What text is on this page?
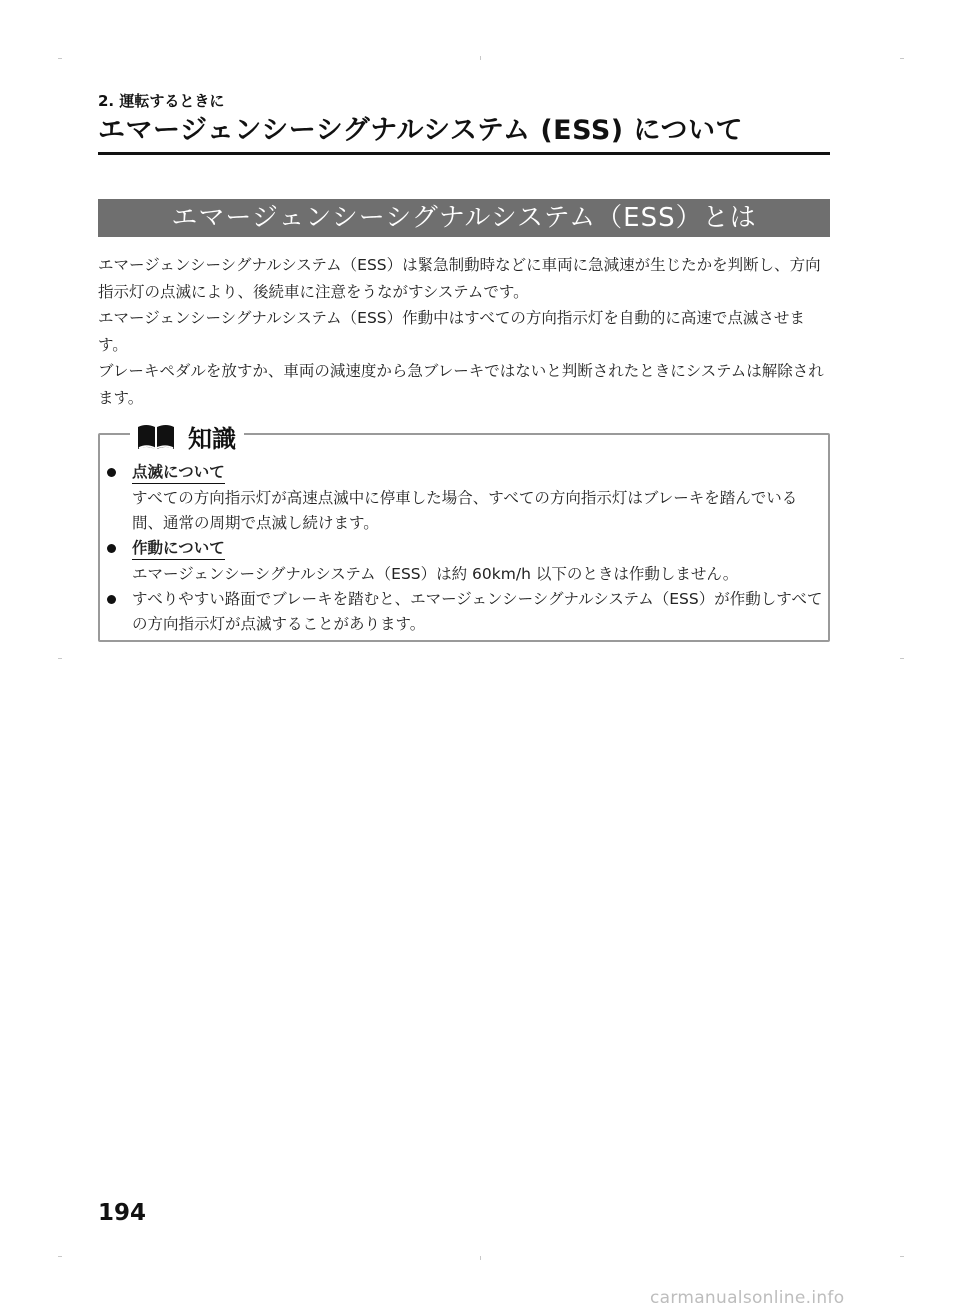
2. 運転するときに
エマージェンシーシグナルシステム (ESS) について
エマージェンシーシグナルシステム（ESS）とは

エマージェンシーシグナルシステム（ESS）は緊急制動時などに車両に急減速が生じたかを判断し、方向指示灯の点滅により、後続車に注意をうながすシステムです。

エマージェンシーシグナルシステム（ESS）作動中はすべての方向指示灯を自動的に高速で点滅させます。

ブレーキペダルを放すか、車両の減速度から急ブレーキではないと判断されたときにシステムは解除されます。

知識
点滅について
すべての方向指示灯が高速点滅中に停車した場合、すべての方向指示灯はブレーキを踏んでいる間、通常の周期で点滅し続けます。
作動について
エマージェンシーシグナルシステム（ESS）は約 60km/h 以下のときは作動しません。
すべりやすい路面でブレーキを踏むと、エマージェンシーシグナルシステム（ESS）が作動しすべての方向指示灯が点滅することがあります。
194
carmanualsonline.info
